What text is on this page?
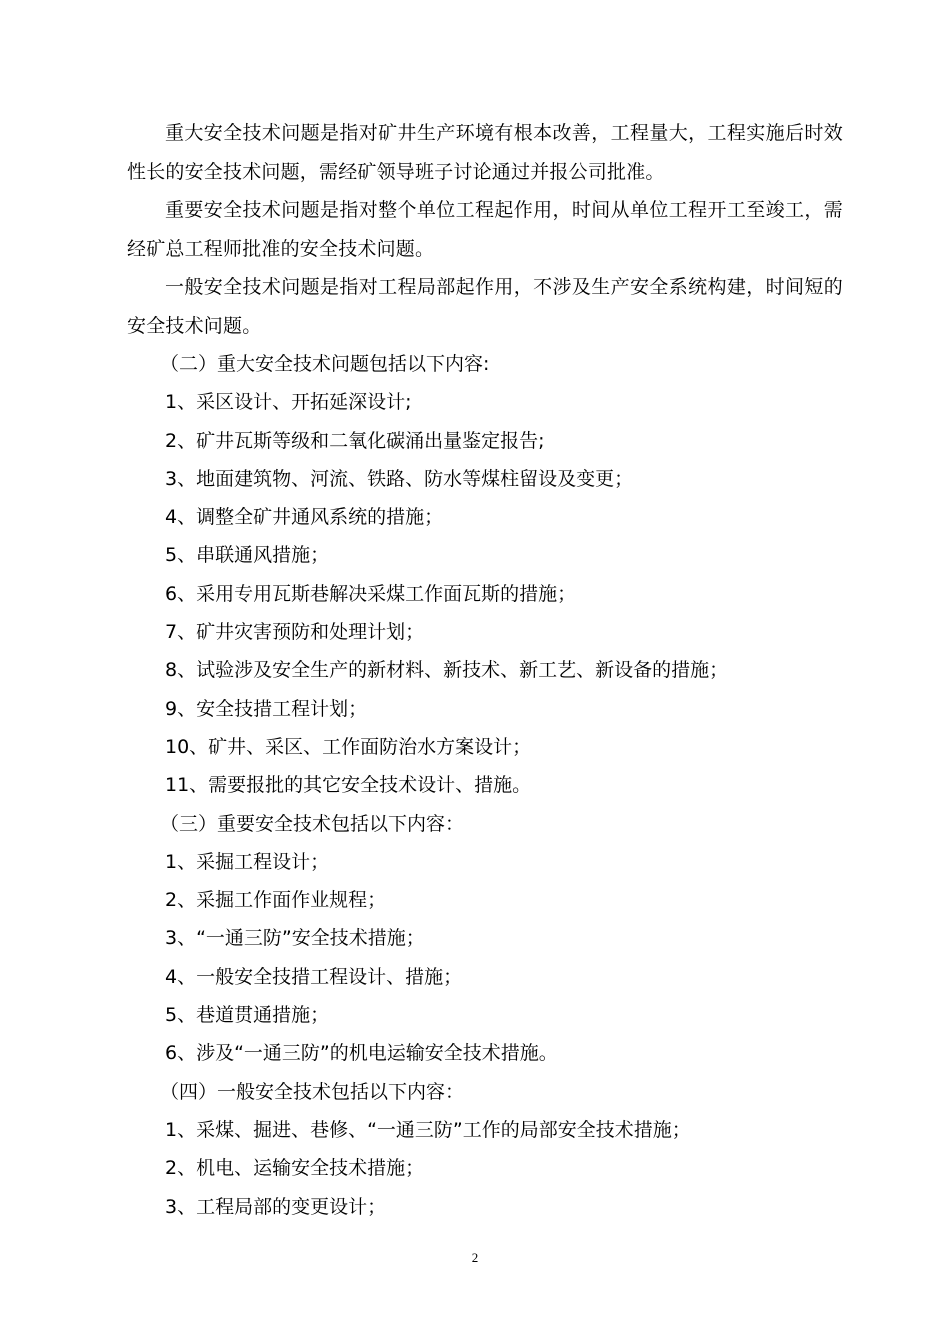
重大安全技术问题是指对矿井生产环境有根本改善，工程量大，工程实施后时效性长的安全技术问题，需经矿领导班子讨论通过并报公司批准。

重要安全技术问题是指对整个单位工程起作用，时间从单位工程开工至竣工，需经矿总工程师批准的安全技术问题。

一般安全技术问题是指对工程局部起作用，不涉及生产安全系统构建，时间短的安全技术问题。

（二）重大安全技术问题包括以下内容:

1、采区设计、开拓延深设计;

2、矿井瓦斯等级和二氧化碳涌出量鉴定报告;

3、地面建筑物、河流、铁路、防水等煤柱留设及变更；

4、调整全矿井通风系统的措施；

5、串联通风措施；

6、采用专用瓦斯巷解决采煤工作面瓦斯的措施；

7、矿井灾害预防和处理计划；

8、试验涉及安全生产的新材料、新技术、新工艺、新设备的措施；

9、安全技措工程计划；

10、矿井、采区、工作面防治水方案设计；

11、需要报批的其它安全技术设计、措施。

（三）重要安全技术包括以下内容：

1、采掘工程设计；

2、采掘工作面作业规程；

3、“一通三防”安全技术措施；

4、一般安全技措工程设计、措施；

5、巷道贯通措施；

6、涉及“一通三防”的机电运输安全技术措施。

（四）一般安全技术包括以下内容：

1、采煤、掘进、巷修、“一通三防”工作的局部安全技术措施；

2、机电、运输安全技术措施；

3、工程局部的变更设计；

2
